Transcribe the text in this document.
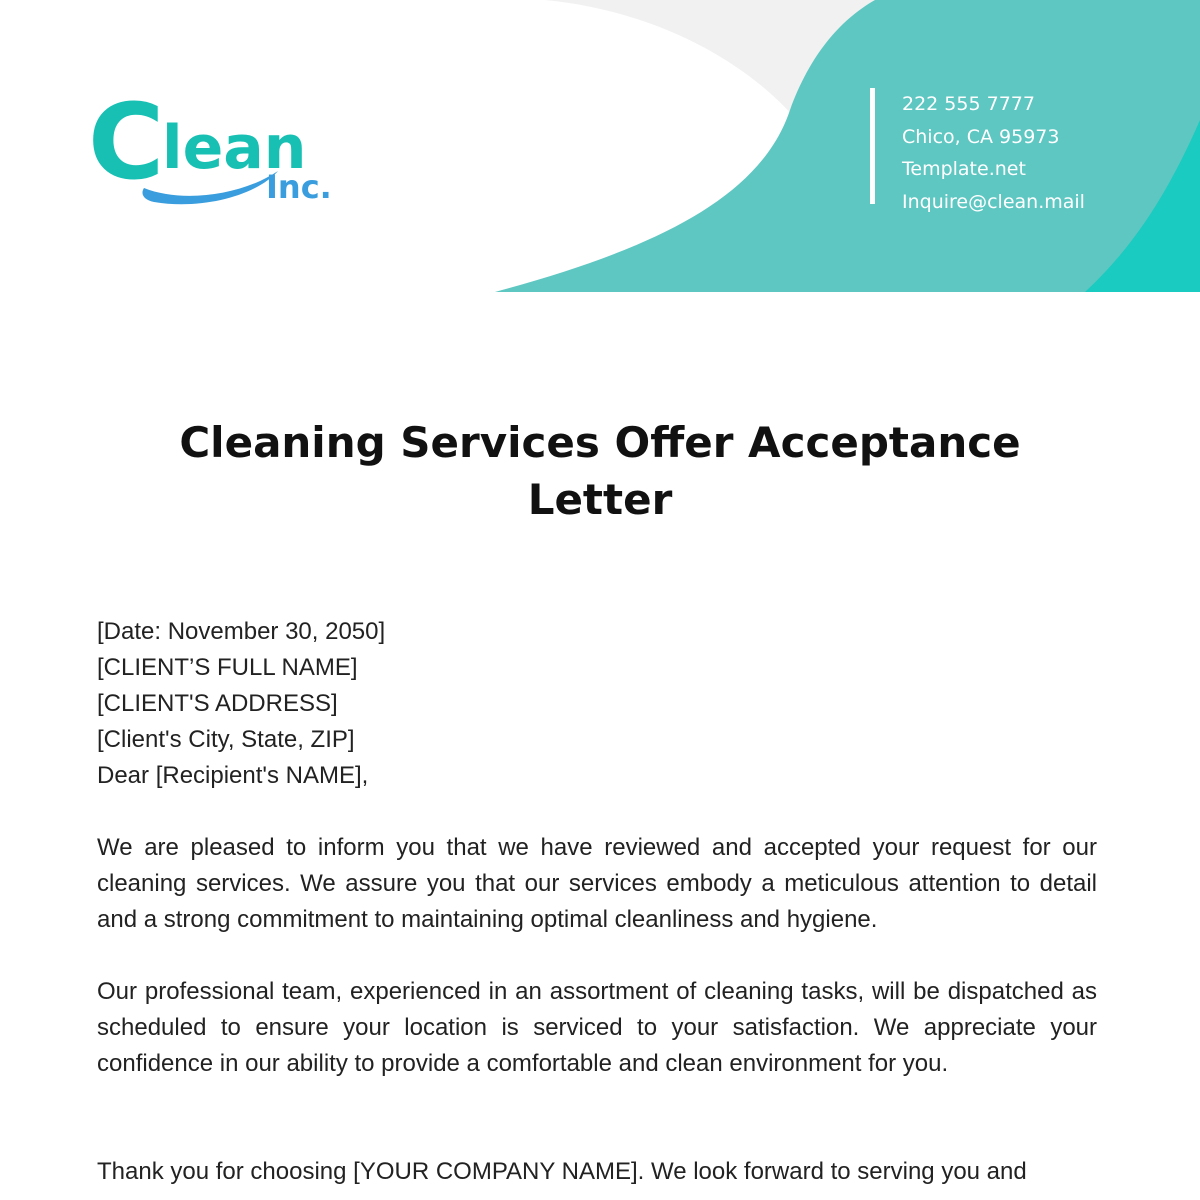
C
lean
Inc.
222 555 7777
Chico, CA 95973
Template.net
Inquire@clean.mail
Cleaning Services Offer Acceptance Letter
[Date: November 30, 2050]
[CLIENT’S FULL NAME]
[CLIENT'S ADDRESS]
[Client's City, State, ZIP]
Dear [Recipient's NAME],

We are pleased to inform you that we have reviewed and accepted your request for our cleaning services. We assure you that our services embody a meticulous attention to detail and a strong commitment to maintaining optimal cleanliness and hygiene.

Our professional team, experienced in an assortment of cleaning tasks, will be dispatched as scheduled to ensure your location is serviced to your satisfaction. We appreciate your confidence in our ability to provide a comfortable and clean environment for you.

Thank you for choosing [YOUR COMPANY NAME]. We look forward to serving you and
